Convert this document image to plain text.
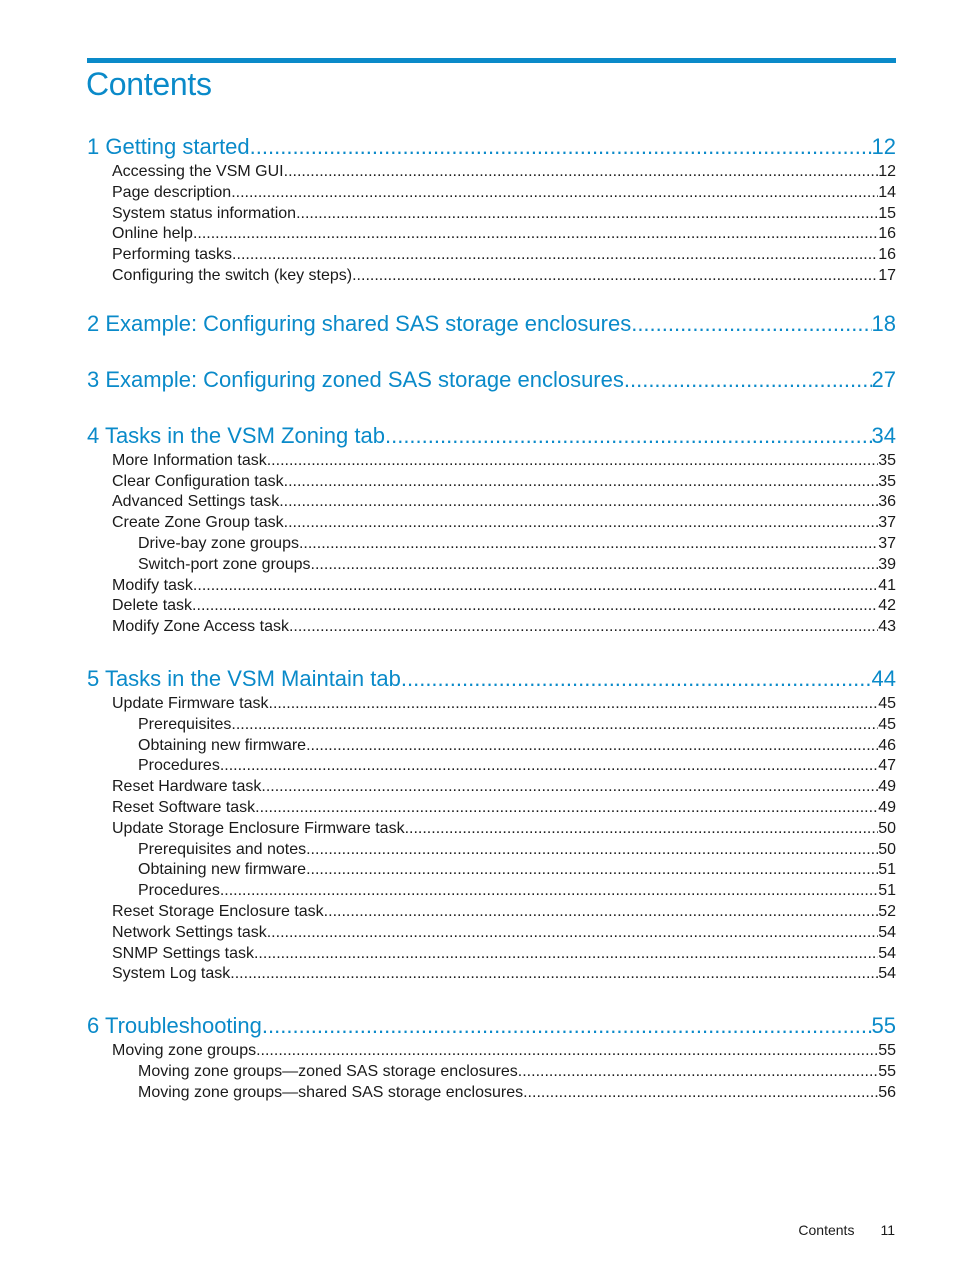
Contents
1 Getting started .....	12
Accessing the VSM GUI .....	12
Page description .....	14
System status information .....	15
Online help .....	16
Performing tasks .....	16
Configuring the switch (key steps) .....	17
2 Example: Configuring shared SAS storage enclosures .....	18
3 Example: Configuring zoned SAS storage enclosures .....	27
4 Tasks in the VSM Zoning tab .....	34
More Information task .....	35
Clear Configuration task .....	35
Advanced Settings task .....	36
Create Zone Group task .....	37
Drive-bay zone groups .....	37
Switch-port zone groups .....	39
Modify task .....	41
Delete task .....	42
Modify Zone Access task .....	43
5 Tasks in the VSM Maintain tab .....	44
Update Firmware task .....	45
Prerequisites .....	45
Obtaining new firmware .....	46
Procedures .....	47
Reset Hardware task .....	49
Reset Software task .....	49
Update Storage Enclosure Firmware task .....	50
Prerequisites and notes .....	50
Obtaining new firmware .....	51
Procedures .....	51
Reset Storage Enclosure task .....	52
Network Settings task .....	54
SNMP Settings task .....	54
System Log task .....	54
6 Troubleshooting .....	55
Moving zone groups .....	55
Moving zone groups—zoned SAS storage enclosures .....	55
Moving zone groups—shared SAS storage enclosures .....	56
Contents 11
